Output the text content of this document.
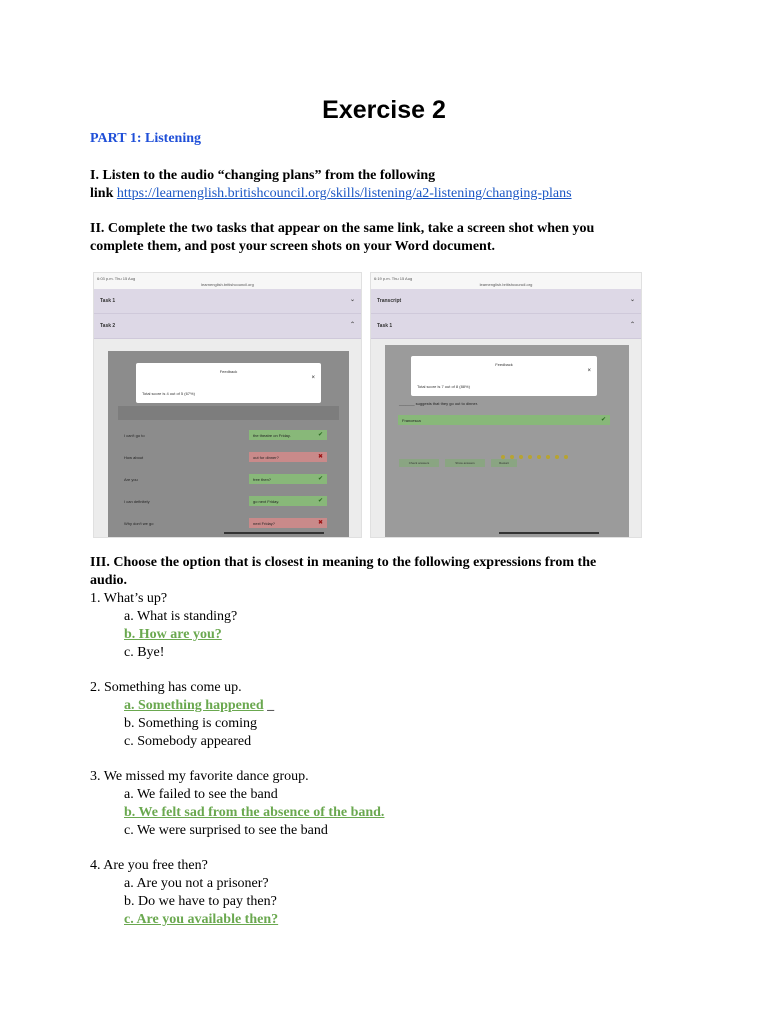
Exercise 2
PART 1: Listening
I. Listen to the audio “changing plans” from the following
link https://learnenglish.britishcouncil.org/skills/listening/a2-listening/changing-plans
II. Complete the two tasks that appear on the same link, take a screen shot when you
complete them, and post your screen shots on your Word document.
6:03 p.m. Thu 15 Aug
learnenglish.britishcouncil.org
Task 1	⌄
Task 2	⌃
Feedback
×
Total score is 4 out of 5 (67%)
I can't go to	the theatre on Friday.	✔
How about	out for dinner?	✖
Are you	free then?	✔
I can definitely	go next Friday.	✔
Why don't we go	next Friday?	✖
6:19 p.m. Thu 15 Aug
learnenglish.britishcouncil.org
Transcript	⌄
Task 1	⌃
Feedback
×
Total score is 7 out of 8 (88%)
_______ suggests that they go out to dinner.
Francesca	✔
Check answers	Show answers	Restart
III. Choose the option that is closest in meaning to the following expressions from the
audio.
1. What’s up?
a. What is standing?
b. How are you?
c. Bye!
2. Something has come up.
a. Something happened _
b. Something is coming
c. Somebody appeared
3. We missed my favorite dance group.
a. We failed to see the band
b. We felt sad from the absence of the band.
c. We were surprised to see the band
4. Are you free then?
a. Are you not a prisoner?
b. Do we have to pay then?
c. Are you available then?
